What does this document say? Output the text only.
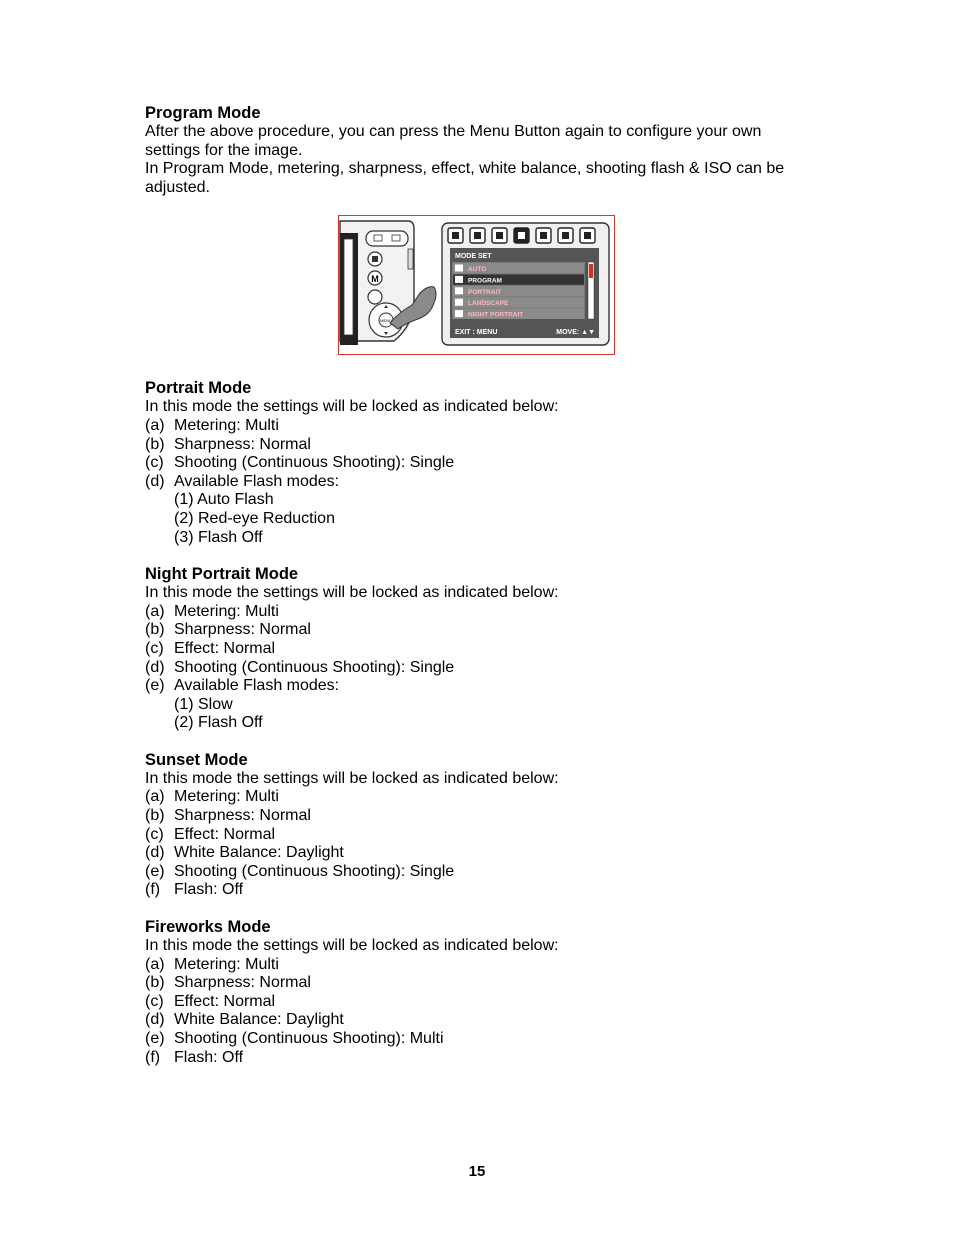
Program Mode

After the above procedure, you can press the Menu Button again to configure your own settings for the image.

In Program Mode, metering, sharpness, effect, white balance, shooting flash & ISO can be adjusted.

M
MENU
MODE SET
AUTO
PROGRAM
PORTRAIT
LANDSCAPE
NIGHT PORTRAIT
EXIT : MENU	MOVE: ▲▼
Portrait Mode

In this mode the settings will be locked as indicated below:

(a) Metering: Multi
(b) Sharpness: Normal
(c) Shooting (Continuous Shooting): Single
(d) Available Flash modes:
(1) Auto Flash
(2) Red-eye Reduction
(3) Flash Off
Night Portrait Mode

In this mode the settings will be locked as indicated below:

(a) Metering: Multi
(b) Sharpness: Normal
(c) Effect: Normal
(d) Shooting (Continuous Shooting): Single
(e) Available Flash modes:
(1) Slow
(2) Flash Off
Sunset Mode

In this mode the settings will be locked as indicated below:

(a) Metering: Multi
(b) Sharpness: Normal
(c) Effect: Normal
(d) White Balance: Daylight
(e) Shooting (Continuous Shooting): Single
(f) Flash: Off
Fireworks Mode

In this mode the settings will be locked as indicated below:

(a) Metering: Multi
(b) Sharpness: Normal
(c) Effect: Normal
(d) White Balance: Daylight
(e) Shooting (Continuous Shooting): Multi
(f) Flash: Off
15
